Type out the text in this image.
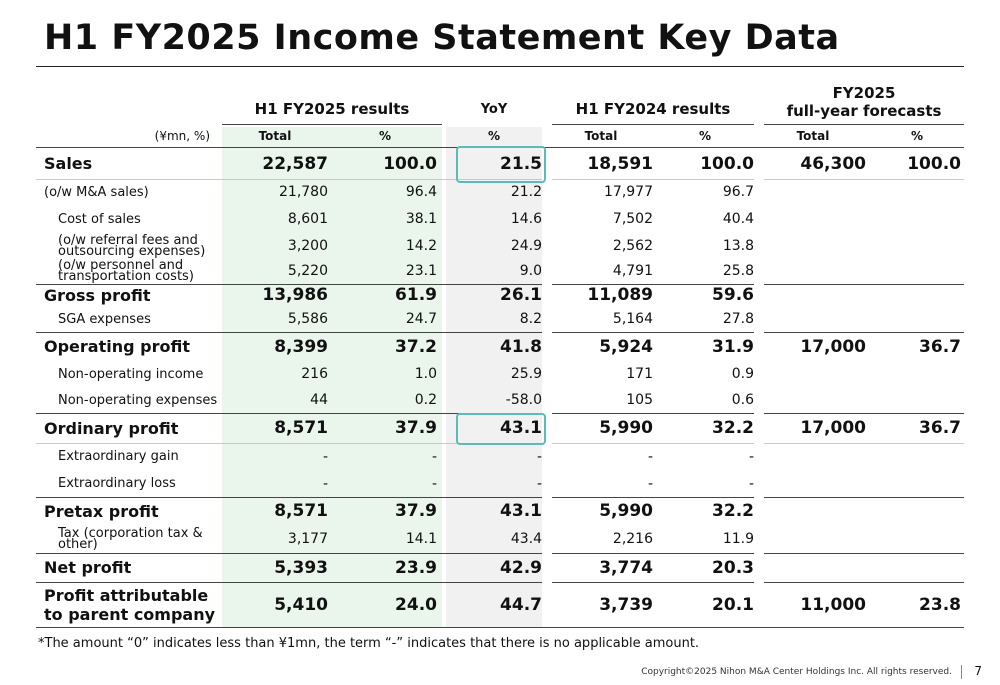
H1 FY2025 Income Statement Key Data
H1 FY2025 results	YoY	H1 FY2024 results
FY2025
full-year forecasts
(¥mn, %)	Total	%	%	Total	%	Total	%
Sales	22,587	100.0	21.5	18,591	100.0	46,300	100.0
(o/w M&A sales)	21,780	96.4	21.2	17,977	96.7
Cost of sales	8,601	38.1	14.6	7,502	40.4
(o/w referral fees and outsourcing expenses)	3,200	14.2	24.9	2,562	13.8
(o/w personnel and transportation costs)	5,220	23.1	9.0	4,791	25.8
Gross profit	13,986	61.9	26.1	11,089	59.6
SGA expenses	5,586	24.7	8.2	5,164	27.8
Operating profit	8,399	37.2	41.8	5,924	31.9	17,000	36.7
Non-operating income	216	1.0	25.9	171	0.9
Non-operating expenses	44	0.2	-58.0	105	0.6
Ordinary profit	8,571	37.9	43.1	5,990	32.2	17,000	36.7
Extraordinary gain	-	-	-	-	-
Extraordinary loss	-	-	-	-	-
Pretax profit	8,571	37.9	43.1	5,990	32.2
Tax (corporation tax & other)	3,177	14.1	43.4	2,216	11.9
Net profit	5,393	23.9	42.9	3,774	20.3
Profit attributable to parent company	5,410	24.0	44.7	3,739	20.1	11,000	23.8
*The amount “0” indicates less than ¥1mn, the term “-” indicates that there is no applicable amount.
Copyright©2025 Nihon M&A Center Holdings Inc. All rights reserved. 7
